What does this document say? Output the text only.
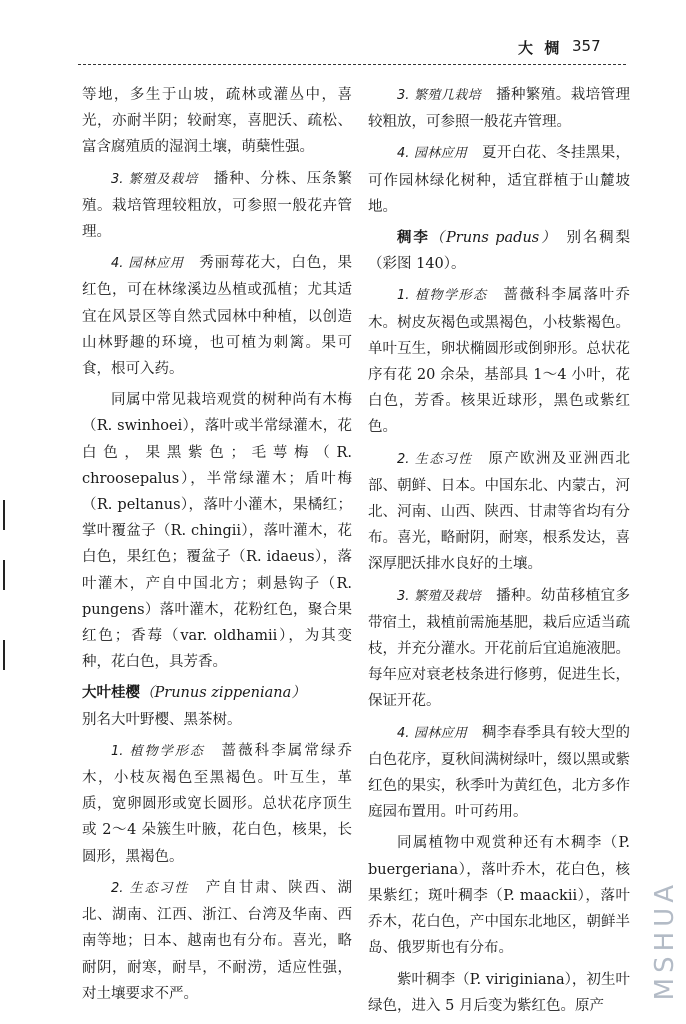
大 椆 357

等地，多生于山坡，疏林或灌丛中，喜光，亦耐半阴；较耐寒，喜肥沃、疏松、富含腐殖质的湿润土壤，萌蘖性强。

3. 繁殖及栽培　 播种、分株、压条繁殖。栽培管理较粗放，可参照一般花卉管理。

4. 园林应用　 秀丽莓花大，白色，果红色，可在林缘溪边丛植或孤植；尤其适宜在风景区等自然式园林中种植，以创造山林野趣的环境，也可植为刺篱。果可食，根可入药。

同属中常见栽培观赏的树种尚有木梅（R. swinhoei），落叶或半常绿灌木，花白色，果黑紫色；毛萼梅（R. chroosepalus），半常绿灌木；盾叶梅（R. peltanus），落叶小灌木，果橘红；掌叶覆盆子（R. chingii），落叶灌木，花白色，果红色；覆盆子（R. idaeus），落叶灌木，产自中国北方；刺悬钩子（R. pungens）落叶灌木，花粉红色，聚合果红色；香莓（var. oldhamii），为其变种，花白色，具芳香。

大叶桂樱（Prunus zippeniana）

别名大叶野樱、黑茶树。

1. 植物学形态　 蔷薇科李属常绿乔木，小枝灰褐色至黑褐色。叶互生，革质，宽卵圆形或宽长圆形。总状花序顶生或 2～4 朵簇生叶腋，花白色，核果，长圆形，黑褐色。

2. 生态习性　 产自甘肃、陕西、湖北、湖南、江西、浙江、台湾及华南、西南等地；日本、越南也有分布。喜光，略耐阴，耐寒，耐旱，不耐涝，适应性强，对土壤要求不严。

3. 繁殖几栽培　 播种繁殖。栽培管理较粗放，可参照一般花卉管理。

4. 园林应用　 夏开白花、冬挂黑果，可作园林绿化树种，适宜群植于山麓坡地。

稠李（Pruns padus）　 别名稠梨（彩图 140）。

1. 植物学形态　 蔷薇科李属落叶乔木。树皮灰褐色或黑褐色，小枝紫褐色。单叶互生，卵状椭圆形或倒卵形。总状花序有花 20 余朵，基部具 1～4 小叶，花白色，芳香。核果近球形，黑色或紫红色。

2. 生态习性　 原产欧洲及亚洲西北部、朝鲜、日本。中国东北、内蒙古，河北、河南、山西、陕西、甘肃等省均有分布。喜光，略耐阴，耐寒，根系发达，喜深厚肥沃排水良好的土壤。

3. 繁殖及栽培　 播种。幼苗移植宜多带宿土，栽植前需施基肥，栽后应适当疏枝，并充分灌水。开花前后宜追施液肥。每年应对衰老枝条进行修剪，促进生长，保证开花。

4. 园林应用　 稠李春季具有较大型的白色花序，夏秋间满树绿叶，缀以黑或紫红色的果实，秋季叶为黄红色，北方多作庭园布置用。叶可药用。

同属植物中观赏种还有木稠李（P. buergeriana），落叶乔木，花白色，核果紫红；斑叶稠李（P. maackii），落叶乔木，花白色，产中国东北地区，朝鲜半岛、俄罗斯也有分布。

紫叶稠李（P. viriginiana），初生叶绿色，进入 5 月后变为紫红色。原产

MSHUA
